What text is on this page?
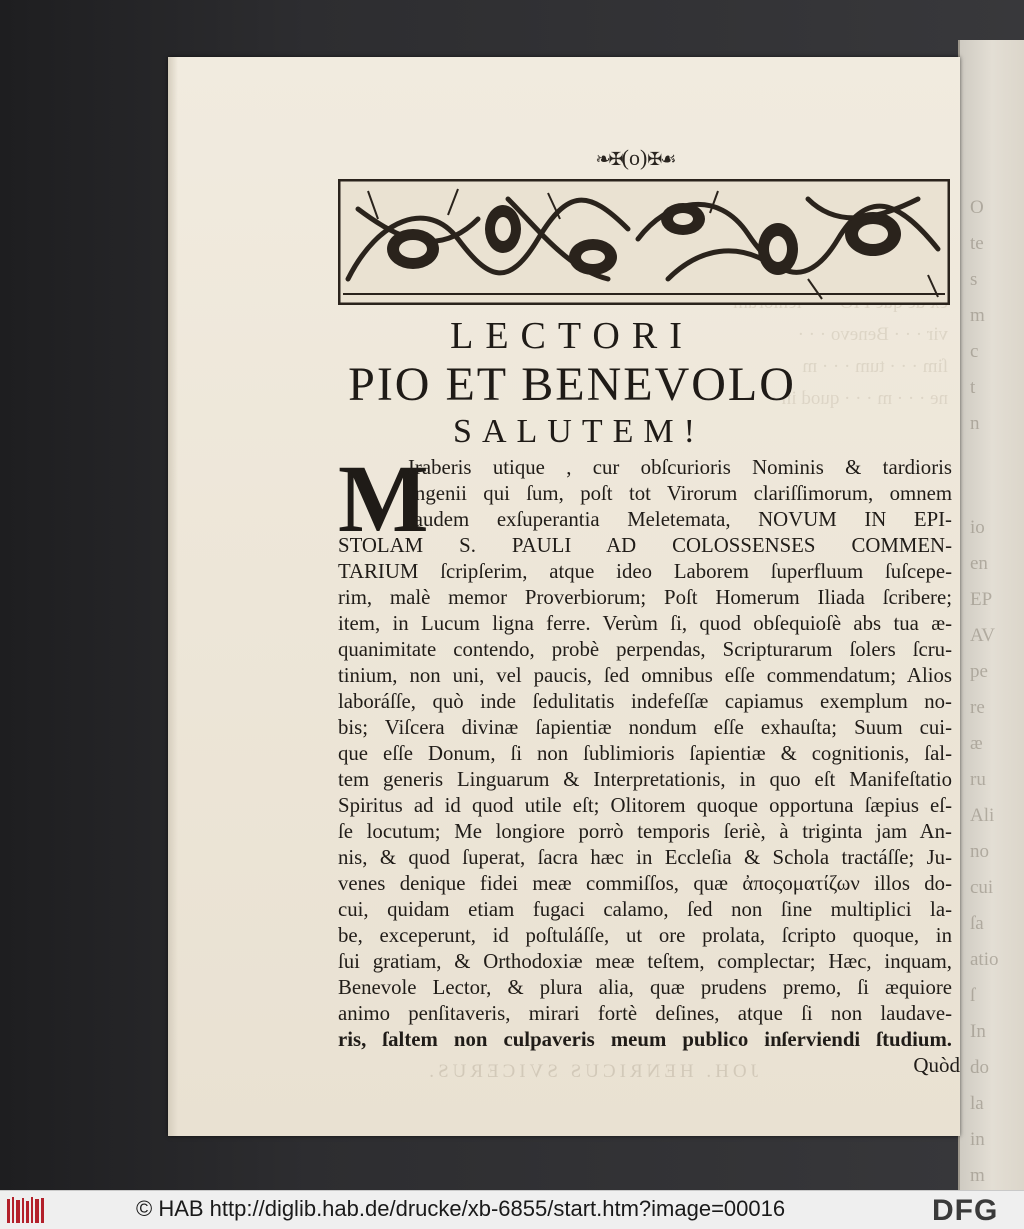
O
te
s
m
c
t
n
io
en
EP
AV
pe
re
æ
ru
Ali
no
cui
ſa
atio
ſ
In
do
la
in
m

vir · · · Benevo · · ·
ſim · · · tum · · · m
ne · · · m · · · quod in ·
❧✠(o)✠☙
LECTORI
PIO ET BENEVOLO
SALUTEM!
M
Iraberis utique , cur obſcurioris Nominis & tardioris
Ingenii qui ſum, poſt tot Virorum clariſſimorum, omnem
laudem exſuperantia Meletemata, NOVUM IN EPI-
STOLAM S. PAULI AD COLOSSENSES COMMEN-
TARIUM ſcripſerim, atque ideo Laborem ſuperfluum ſuſcepe-
rim, malè memor Proverbiorum; Poſt Homerum Iliada ſcribere;
item, in Lucum ligna ferre. Verùm ſi, quod obſequioſè abs tua æ-
quanimitate contendo, probè perpendas, Scripturarum ſolers ſcru-
tinium, non uni, vel paucis, ſed omnibus eſſe commendatum; Alios
laboráſſe, quò inde ſedulitatis indefeſſæ capiamus exemplum no-
bis; Viſcera divinæ ſapientiæ nondum eſſe exhauſta; Suum cui-
que eſſe Donum, ſi non ſublimioris ſapientiæ & cognitionis, ſal-
tem generis Linguarum & Interpretationis, in quo eſt Manifeſtatio
Spiritus ad id quod utile eſt; Olitorem quoque opportuna ſæpius eſ-
ſe locutum; Me longiore porrò temporis ſeriè, à triginta jam An-
nis, & quod ſuperat, ſacra hæc in Eccleſia & Schola tractáſſe; Ju-
venes denique fidei meæ commiſſos, quæ ἀποςοματίζων illos do-
cui, quidam etiam fugaci calamo, ſed non ſine multiplici la-
be, exceperunt, id poſtuláſſe, ut ore prolata, ſcripto quoque, in
ſui gratiam, & Orthodoxiæ meæ teſtem, complectar; Hæc, inquam,
Benevole Lector, & plura alia, quæ prudens premo, ſi æquiore
animo penſitaveris, mirari fortè deſines, atque ſi non laudave-
ris, ſaltem non culpaveris meum publico inſerviendi ſtudium.
Quòd
JOH. HENRICUS SVICERUS.
© HAB http://diglib.hab.de/drucke/xb-6855/start.htm?image=00016	DFG
